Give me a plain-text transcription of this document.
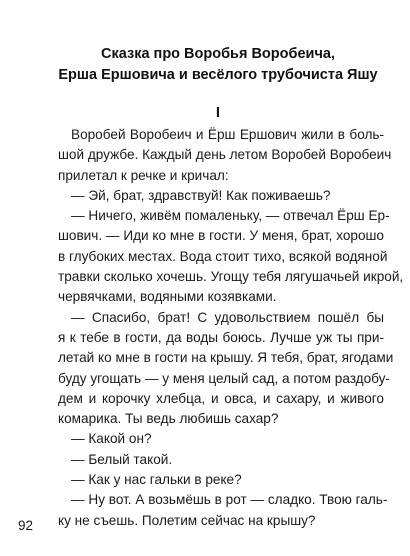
Сказка про Воробья Воробеича,
Ерша Ершовича и весёлого трубочиста Яшу
I
Воробей Воробеич и Ёрш Ершович жили в боль-
шой дружбе. Каждый день летом Воробей Воробеич
прилетал к речке и кричал:
— Эй, брат, здравствуй! Как поживаешь?
— Ничего, живём помаленьку, — отвечал Ёрш Ер-
шович. — Иди ко мне в гости. У меня, брат, хорошо
в глубоких местах. Вода стоит тихо, всякой водяной
травки сколько хочешь. Угощу тебя лягушачьей икрой,
червячками, водяными козявками.
— Спасибо, брат! С удовольствием пошёл бы
я к тебе в гости, да воды боюсь. Лучше уж ты при-
летай ко мне в гости на крышу. Я тебя, брат, ягодами
буду угощать — у меня целый сад, а потом раздобу-
дем и корочку хлебца, и овса, и сахару, и живого
комарика. Ты ведь любишь сахар?
— Какой он?
— Белый такой.
— Как у нас гальки в реке?
— Ну вот. А возьмёшь в рот — сладко. Твою галь-
ку не съешь. Полетим сейчас на крышу?
92
